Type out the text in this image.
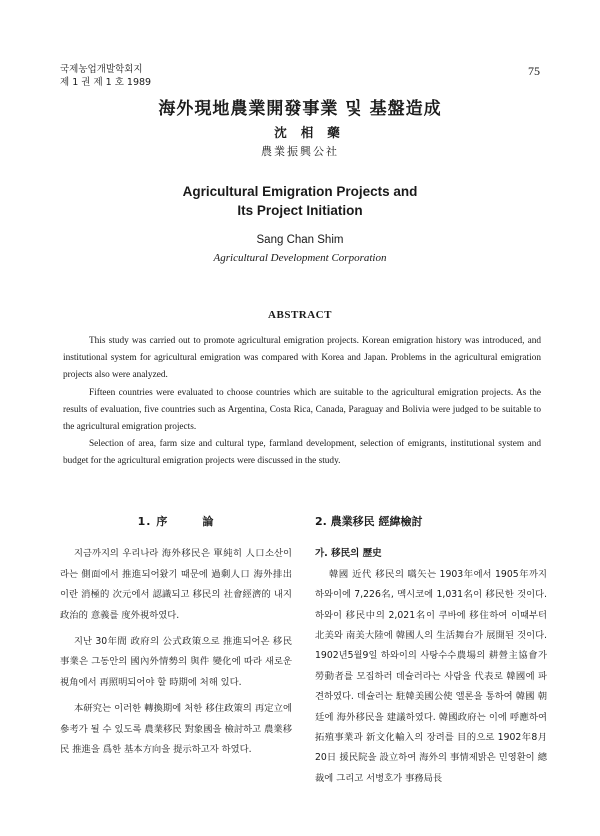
국제농업개발학회지
제 1 권 제 1 호 1989
75
海外現地農業開發事業 및 基盤造成
沈相藥
農業振興公社
Agricultural Emigration Projects and
Its Project Initiation
Sang Chan Shim
Agricultural Development Corporation
ABSTRACT

This study was carried out to promote agricultural emigration projects. Korean emigration history was introduced, and institutional system for agricultural emigration was compared with Korea and Japan. Problems in the agricultural emigration projects also were analyzed.

Fifteen countries were evaluated to choose countries which are suitable to the agricultural emigration projects. As the results of evaluation, five countries such as Argentina, Costa Rica, Canada, Paraguay and Bolivia were judged to be suitable to the agricultural emigration projects.

Selection of area, farm size and cultural type, farmland development, selection of emigrants, institutional system and budget for the agricultural emigration projects were discussed in the study.

1. 序	論

지금까지의 우리나라 海外移民은 單純히 人口소산이라는 側面에서 推進되어왔기 때문에 過剩人口 海外排出이란 消極的 次元에서 認識되고 移民의 社會經濟的 내지 政治的 意義를 度外視하였다.

지난 30年間 政府의 公式政策으로 推進되어온 移民事業은 그동안의 國內外情勢의 與件 變化에 따라 새로운 視角에서 再照明되어야 할 時期에 처해 있다.

本研究는 이러한 轉換期에 처한 移住政策의 再定立에 參考가 될 수 있도록 農業移民 對象國을 檢討하고 農業移民 推進을 爲한 基本方向을 提示하고자 하였다.

2. 農業移民 經緯檢討
가. 移民의 歷史

韓國 近代 移民의 嚆矢는 1903年에서 1905年까지 하와이에 7,226名, 멕시코에 1,031名이 移民한 것이다. 하와이 移民中의 2,021名이 쿠바에 移住하여 이때부터 北美와 南美大陸에 韓國人의 生活舞台가 展開된 것이다. 1902년5월9일 하와이의 사탕수수農場의 耕營主協會가 勞動者를 모집하러 데슐러라는 사람을 代表로 韓國에 파견하였다. 데슐러는 駐韓美國公使 앨론을 통하여 韓國 朝廷에 海外移民을 建議하였다. 韓國政府는 이에 呼應하여 拓殖事業과 新文化輸入의 장려를 目的으로 1902年8月20日 援民院을 設立하여 海外의 事情제밝은 민영환이 總裁에 그리고 서병호가 事務局長
